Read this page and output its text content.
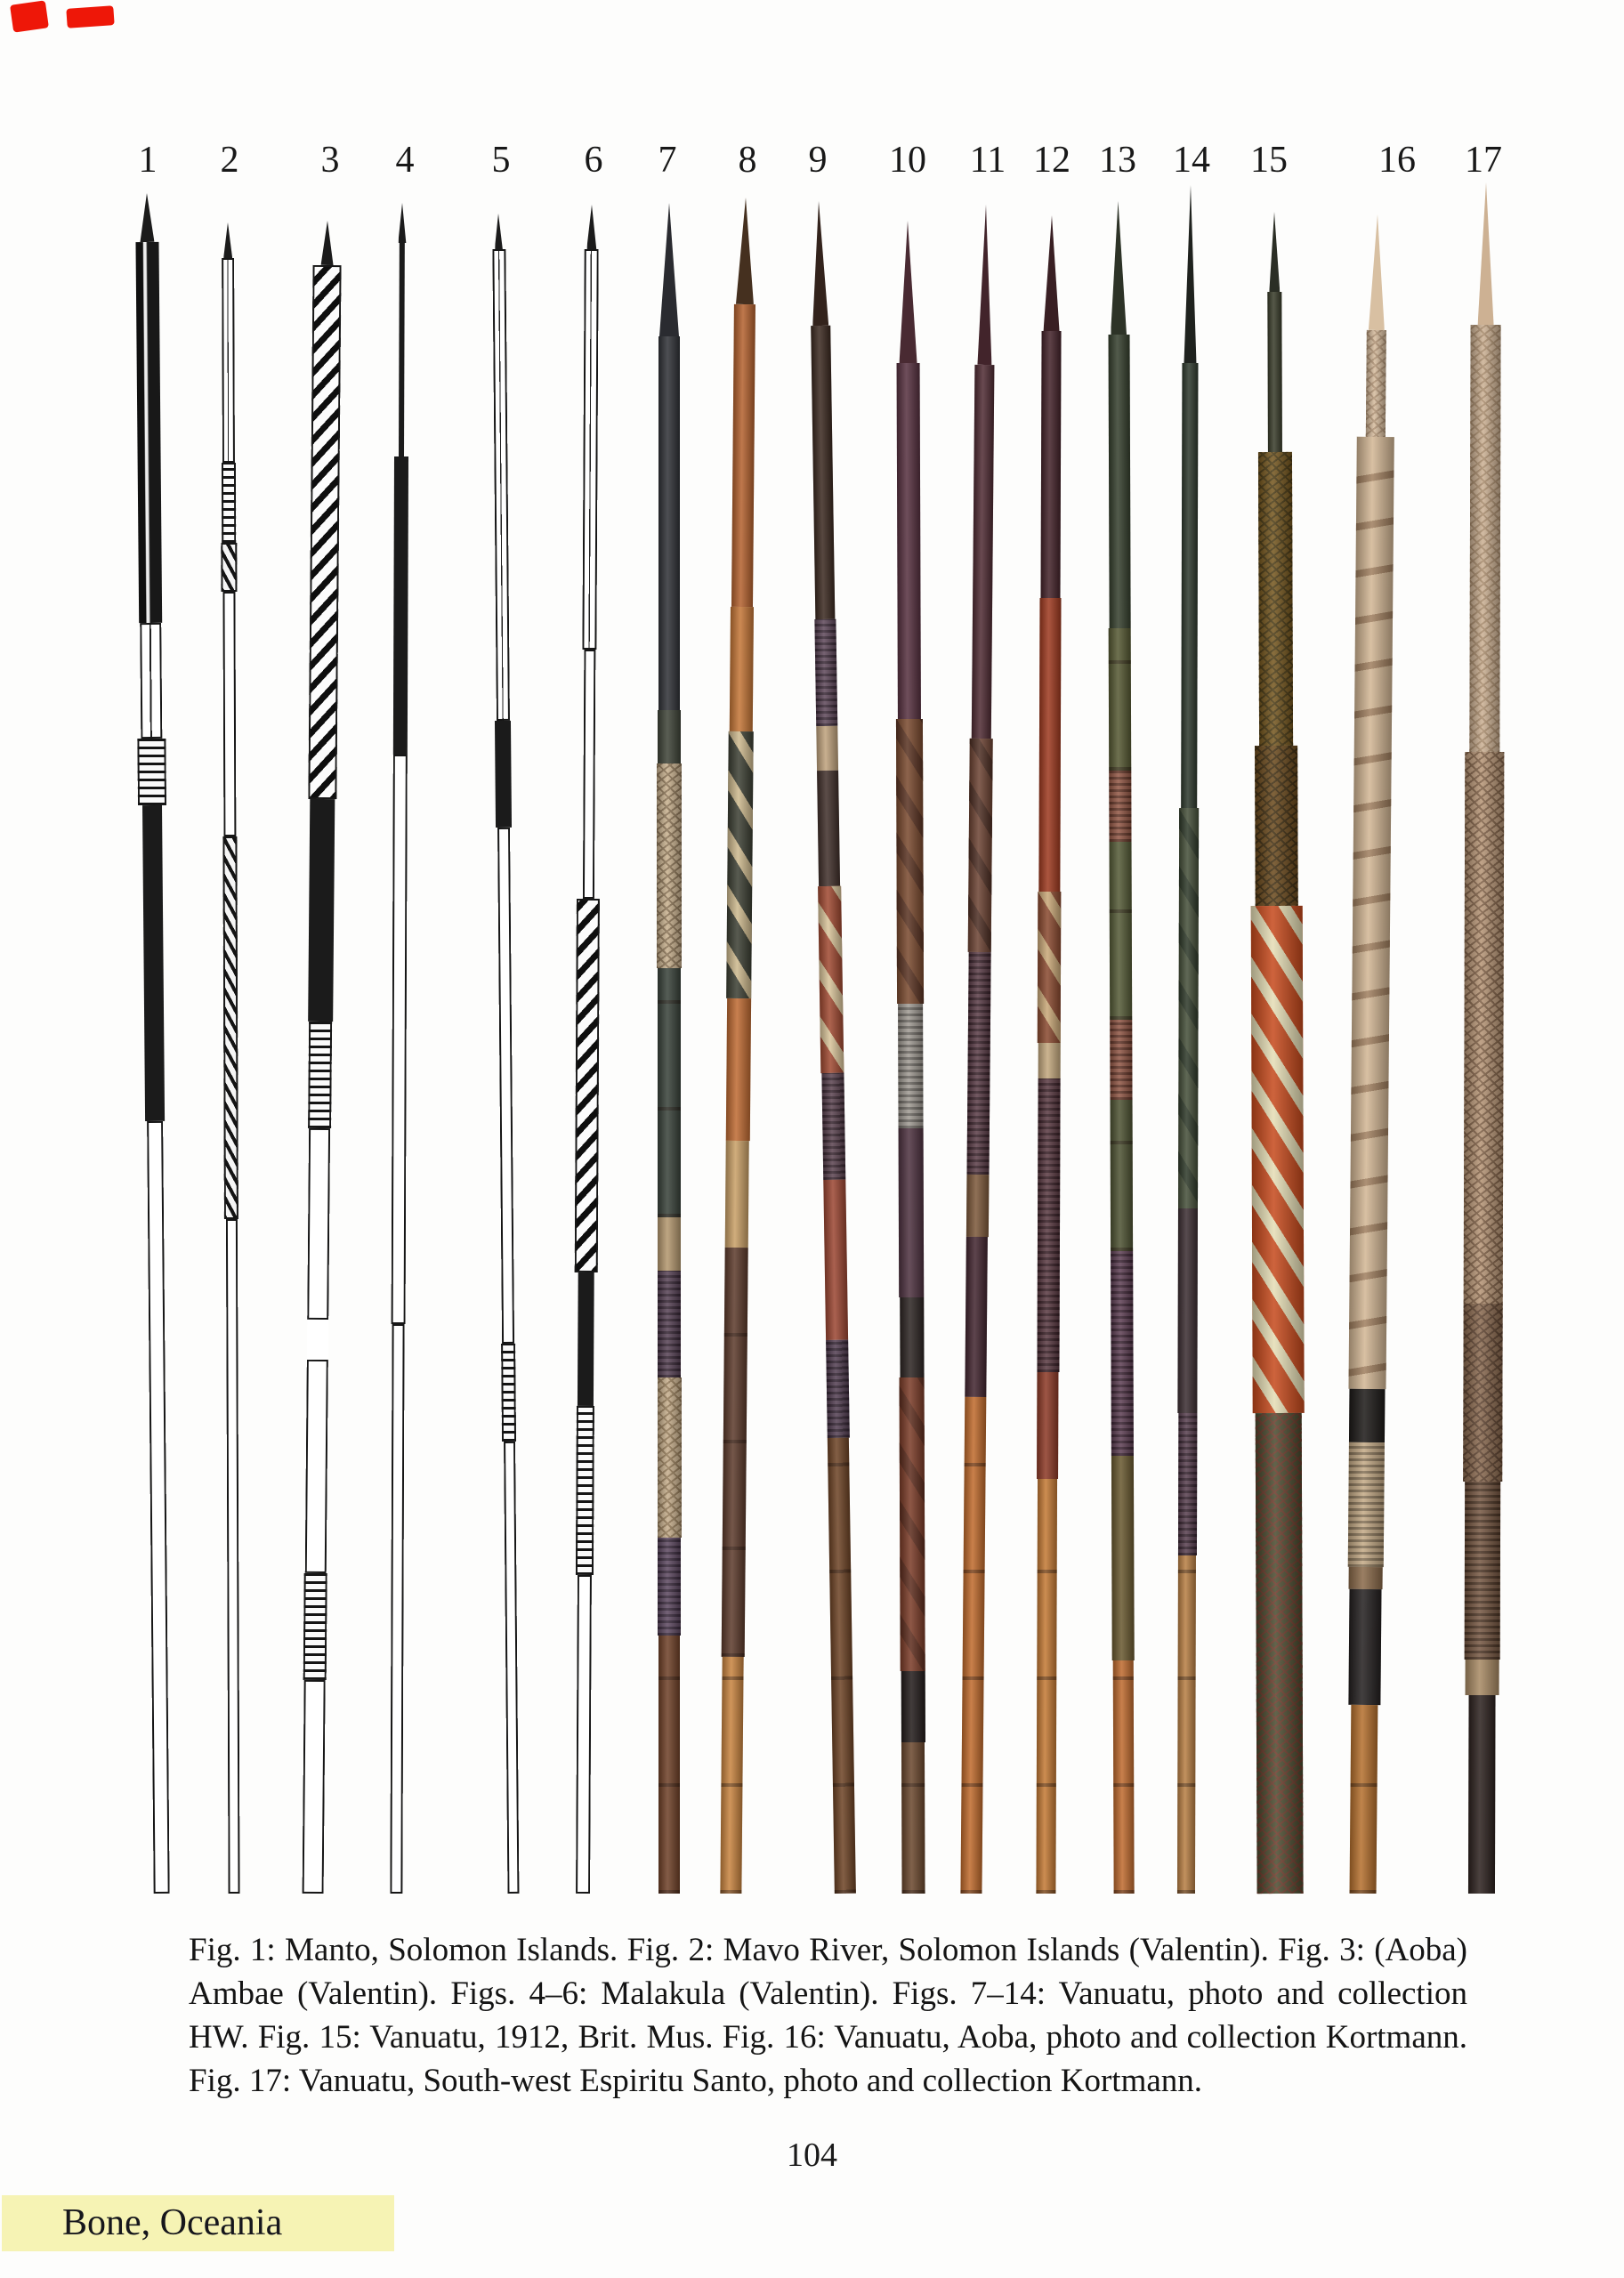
1 2 3 4 5 6 7 8 9 10 11 12 13 14 15 16 17

Fig. 1: Manto, Solomon Islands. Fig. 2: Mavo River, Solomon Islands (Valentin). Fig. 3: (Aoba) Ambae (Valentin). Figs. 4–6: Malakula (Valentin). Figs. 7–14: Vanuatu, photo and collection HW. Fig. 15: Vanuatu, 1912, Brit. Mus. Fig. 16: Vanuatu, Aoba, photo and collection Kortmann. Fig. 17: Vanuatu, South-west Espiritu Santo, photo and collection Kortmann.

104
Bone, Oceania
